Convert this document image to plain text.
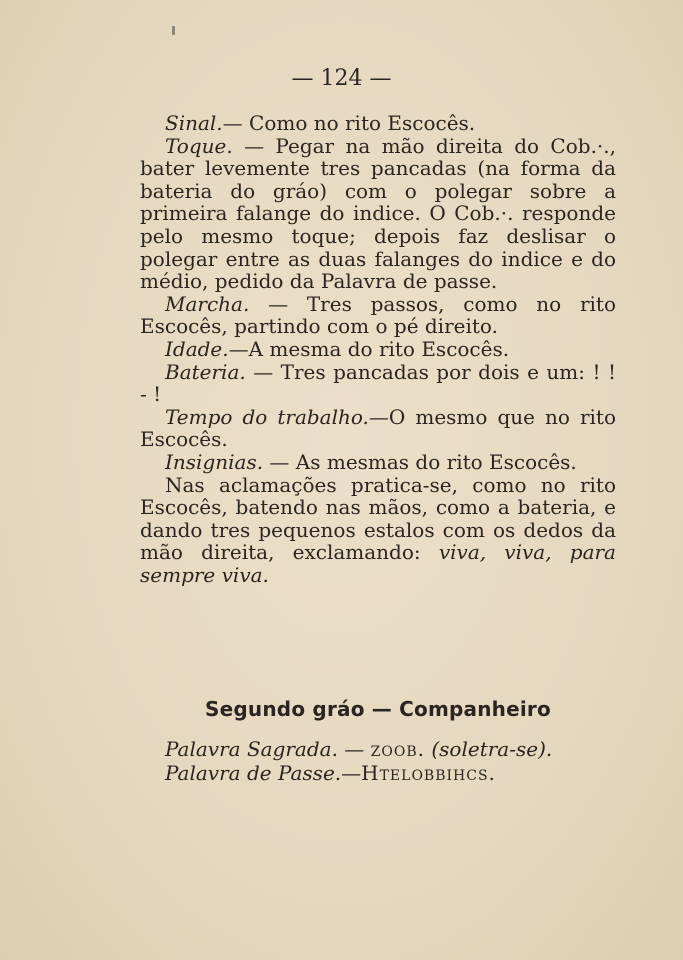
— 124 —

Sinal.— Como no rito Escocês.

Toque. — Pegar na mão direita do Cob.·., bater levemente tres pancadas (na forma da bateria do gráo) com o polegar sobre a primeira falange do indice. O Cob.·. responde pelo mesmo toque; depois faz deslisar o polegar entre as duas falanges do indice e do médio, pedido da Palavra de passe.

Marcha. — Tres passos, como no rito Escocês, partindo com o pé direito.

Idade.—A mesma do rito Escocês.

Bateria. — Tres pancadas por dois e um: ! ! - !

Tempo do trabalho.—O mesmo que no rito Escocês.

Insignias. — As mesmas do rito Escocês.

Nas aclamações pratica-se, como no rito Escocês, batendo nas mãos, como a bateria, e dando tres pequenos estalos com os dedos da mão direita, exclamando: viva, viva, para sempre viva.

Segundo gráo — Companheiro

Palavra Sagrada. — zoob. (soletra-se).

Palavra de Passe.—Htelobbihcs.
